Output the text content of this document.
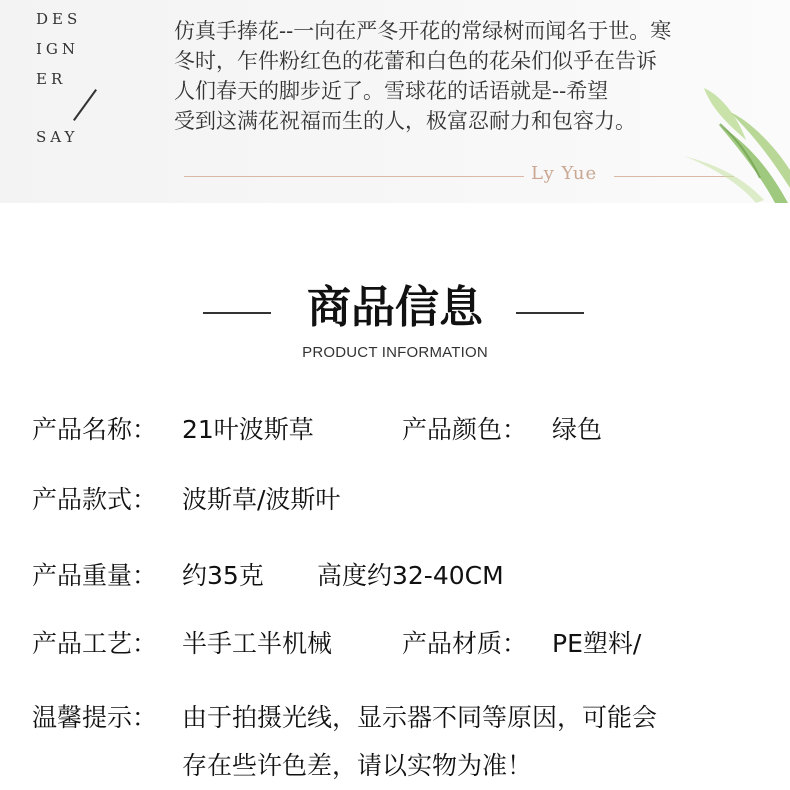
DES
IGN
ER
SAY

仿真手捧花--一向在严冬开花的常绿树而闻名于世。寒

冬时，乍件粉红色的花蕾和白色的花朵们似乎在告诉

人们春天的脚步近了。雪球花的话语就是--希望

受到这满花祝福而生的人，极富忍耐力和包容力。

Ly Yue
商品信息
PRODUCT INFORMATION
产品名称： 21叶波斯草	产品颜色： 绿色
产品款式： 波斯草/波斯叶
产品重量： 约35克 高度约32-40CM
产品工艺： 半手工半机械	产品材质： PE塑料/
温馨提示： 由于拍摄光线，显示器不同等原因，可能会
存在些许色差，请以实物为准！
